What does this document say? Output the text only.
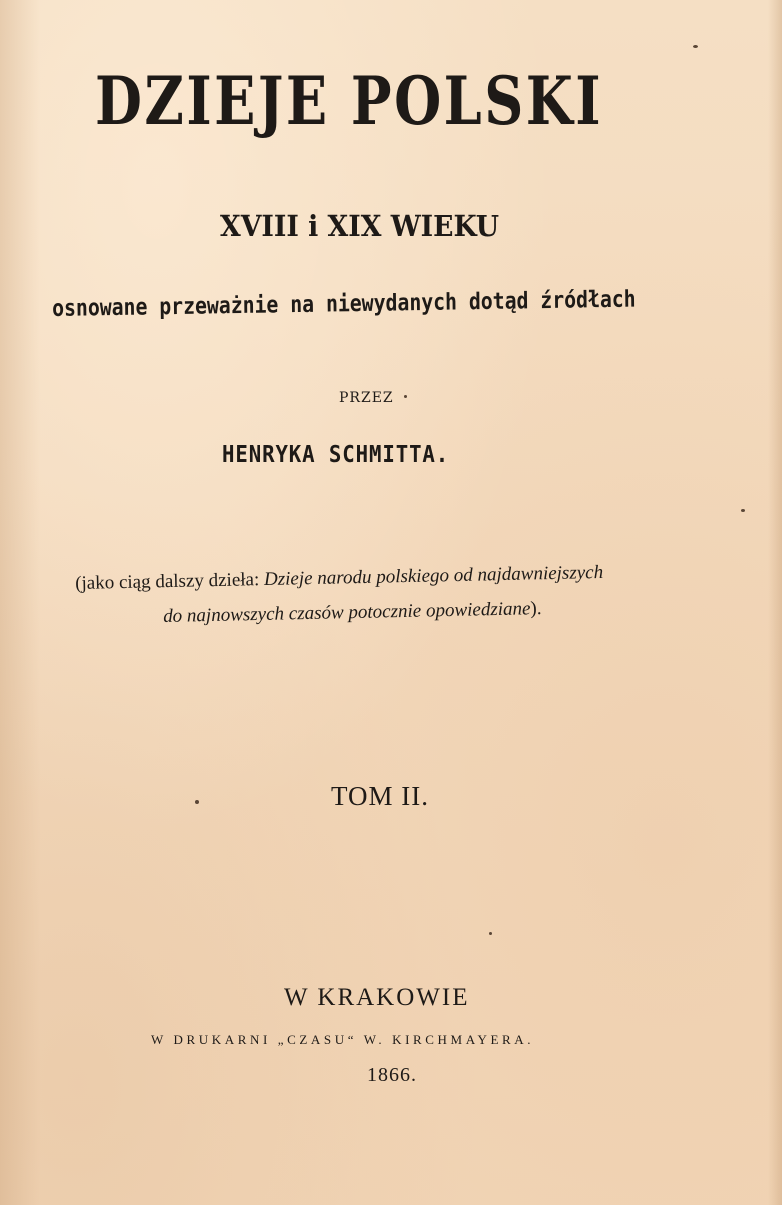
DZIEJE POLSKI
XVIII i XIX WIEKU

osnowane przeważnie na niewydanych dotąd źródłach

PRZEZ

HENRYKA SCHMITTA.

(jako ciąg dalszy dzieła: Dzieje narodu polskiego od najdawniejszych

do najnowszych czasów potocznie opowiedziane).

TOM II.

W KRAKOWIE

W DRUKARNI „CZASU“ W. KIRCHMAYERA.

1866.
